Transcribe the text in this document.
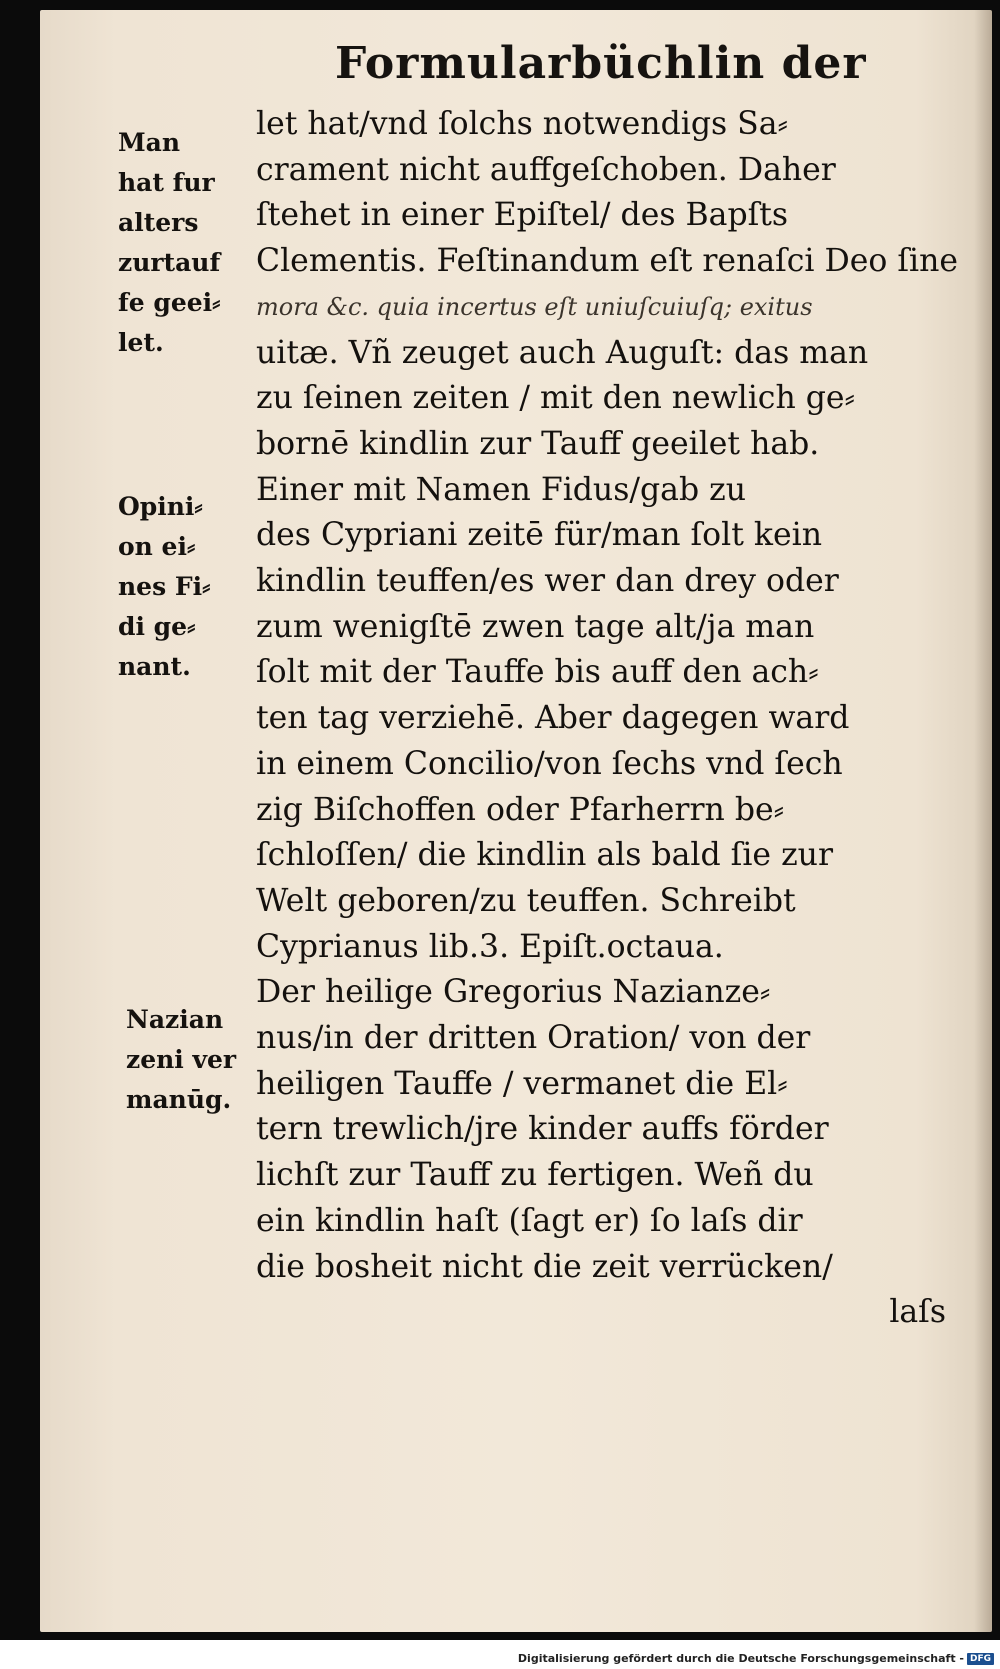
Formularbüchlin der
Man
hat fur
alters
zurtauf
fe geei⸗
let.
Opini⸗
on ei⸗
nes Fi⸗
di ge⸗
nant.
Nazian
zeni ver
manūg.
let hat/vnd ſolchs notwendigs Sa⸗
crament nicht auffgeſchoben. Daher
ſtehet in einer Epiſtel/ des Bapſts
Clementis. Feſtinandum eſt renaſci Deo ſine
mora &c. quia incertus eſt uniuſcuiuſq; exitus
uitæ. Vñ zeuget auch Auguſt: das man
zu ſeinen zeiten / mit den newlich ge⸗
bornē kindlin zur Tauff geeilet hab.
Einer mit Namen Fidus/gab zu
des Cypriani zeitē für/man ſolt kein
kindlin teuffen/es wer dan drey oder
zum wenigſtē zwen tage alt/ja man
ſolt mit der Tauffe bis auff den ach⸗
ten tag verziehē. Aber dagegen ward
in einem Concilio/von ſechs vnd ſech
zig Biſchoffen oder Pfarherrn be⸗
ſchloſſen/ die kindlin als bald ſie zur
Welt geboren/zu teuffen. Schreibt
Cyprianus lib.3. Epiſt.octaua.
Der heilige Gregorius Nazianze⸗
nus/in der dritten Oration/ von der
heiligen Tauffe / vermanet die El⸗
tern trewlich/jre kinder auffs förder
lichſt zur Tauff zu fertigen. Weñ du
ein kindlin haſt (ſagt er) ſo laſs dir
die bosheit nicht die zeit verrücken/
laſs
Digitalisierung gefördert durch die Deutsche Forschungsgemeinschaft - DFG
